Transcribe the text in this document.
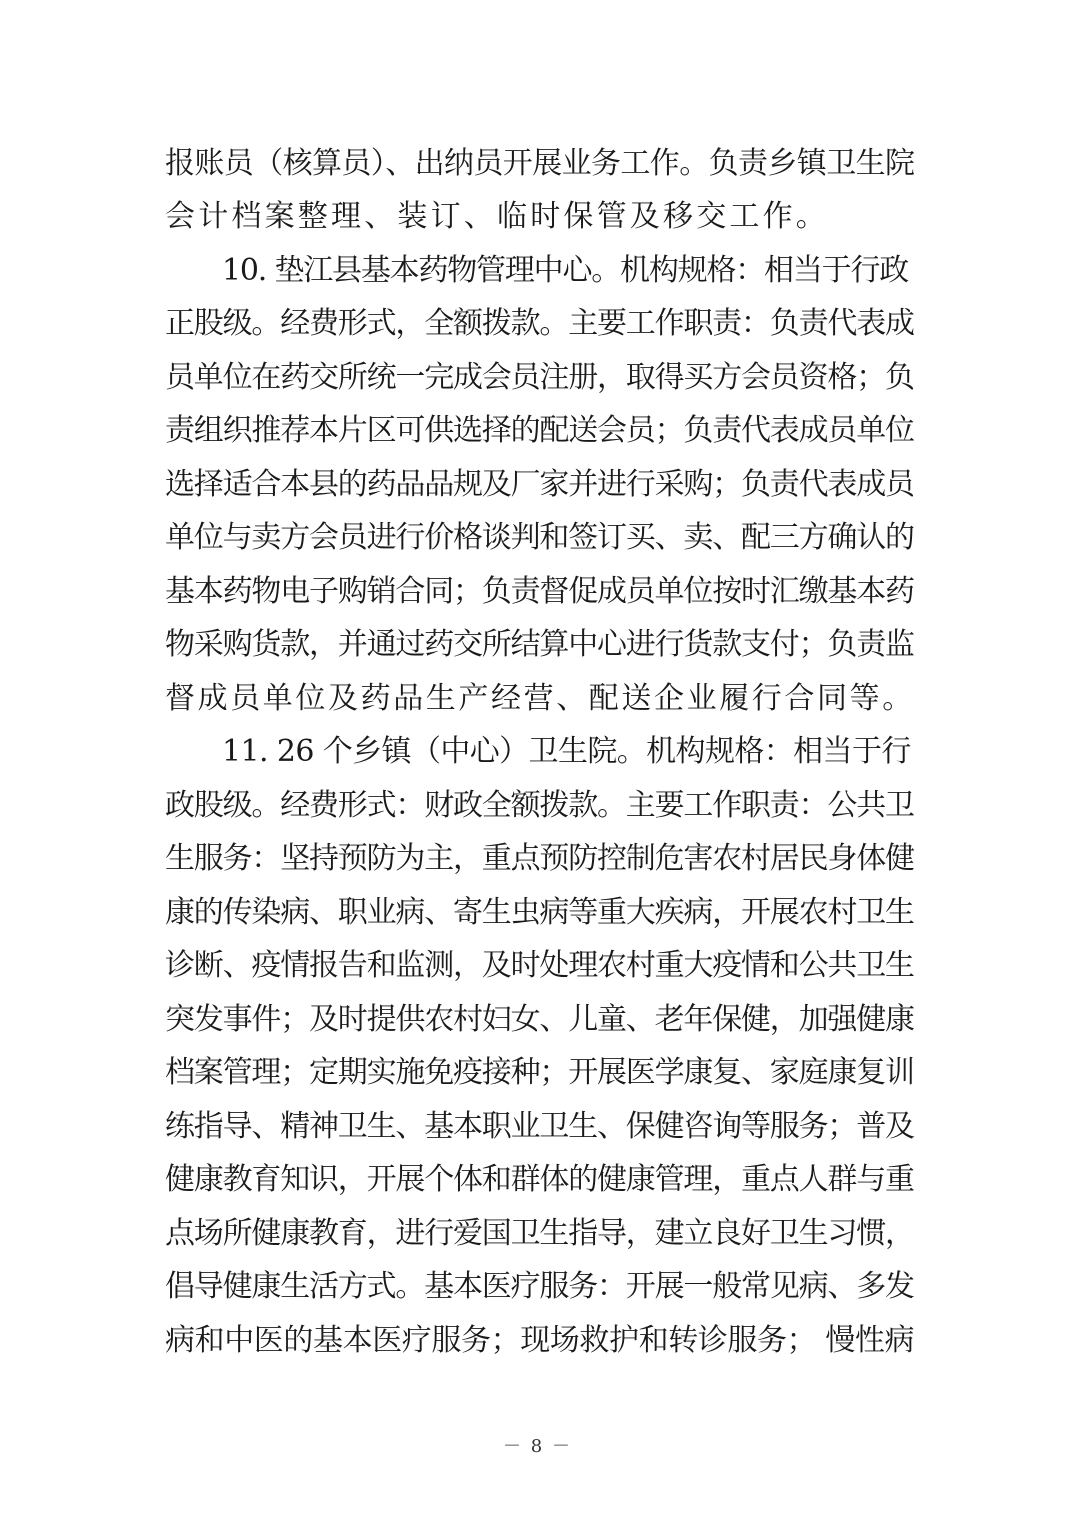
报账员（核算员）、出纳员开展业务工作。负责乡镇卫生院
会计档案整理、装订、临时保管及移交工作。
10. 垫江县基本药物管理中心。机构规格：相当于行政
正股级。经费形式，全额拨款。主要工作职责：负责代表成
员单位在药交所统一完成会员注册，取得买方会员资格；负
责组织推荐本片区可供选择的配送会员；负责代表成员单位
选择适合本县的药品品规及厂家并进行采购；负责代表成员
单位与卖方会员进行价格谈判和签订买、卖、配三方确认的
基本药物电子购销合同；负责督促成员单位按时汇缴基本药
物采购货款，并通过药交所结算中心进行货款支付；负责监
督成员单位及药品生产经营、配送企业履行合同等。
11. 26 个乡镇（中心）卫生院。机构规格：相当于行
政股级。经费形式：财政全额拨款。主要工作职责：公共卫
生服务：坚持预防为主，重点预防控制危害农村居民身体健
康的传染病、职业病、寄生虫病等重大疾病，开展农村卫生
诊断、疫情报告和监测，及时处理农村重大疫情和公共卫生
突发事件；及时提供农村妇女、儿童、老年保健，加强健康
档案管理；定期实施免疫接种；开展医学康复、家庭康复训
练指导、精神卫生、基本职业卫生、保健咨询等服务；普及
健康教育知识，开展个体和群体的健康管理，重点人群与重
点场所健康教育，进行爱国卫生指导，建立良好卫生习惯，
倡导健康生活方式。基本医疗服务：开展一般常见病、多发
病和中医的基本医疗服务；现场救护和转诊服务； 慢性病
－ 8 －
